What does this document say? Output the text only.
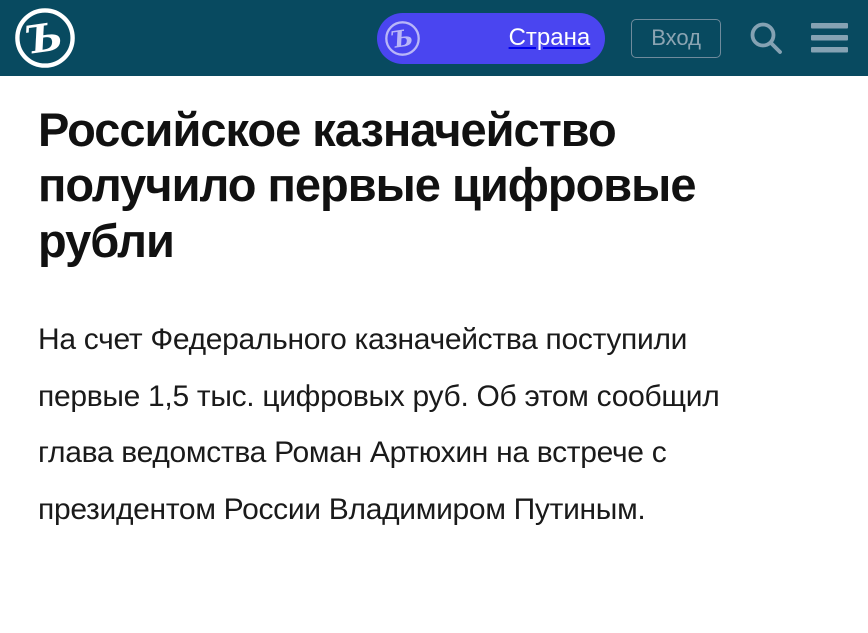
Ъ	Ъ	Страна	Вход
Российское казначейство получило первые цифровые рубли

На счет Федерального казначейства поступили первые 1,5 тыс. цифровых руб. Об этом сообщил глава ведомства Роман Артюхин на встрече с президентом России Владимиром Путиным.
